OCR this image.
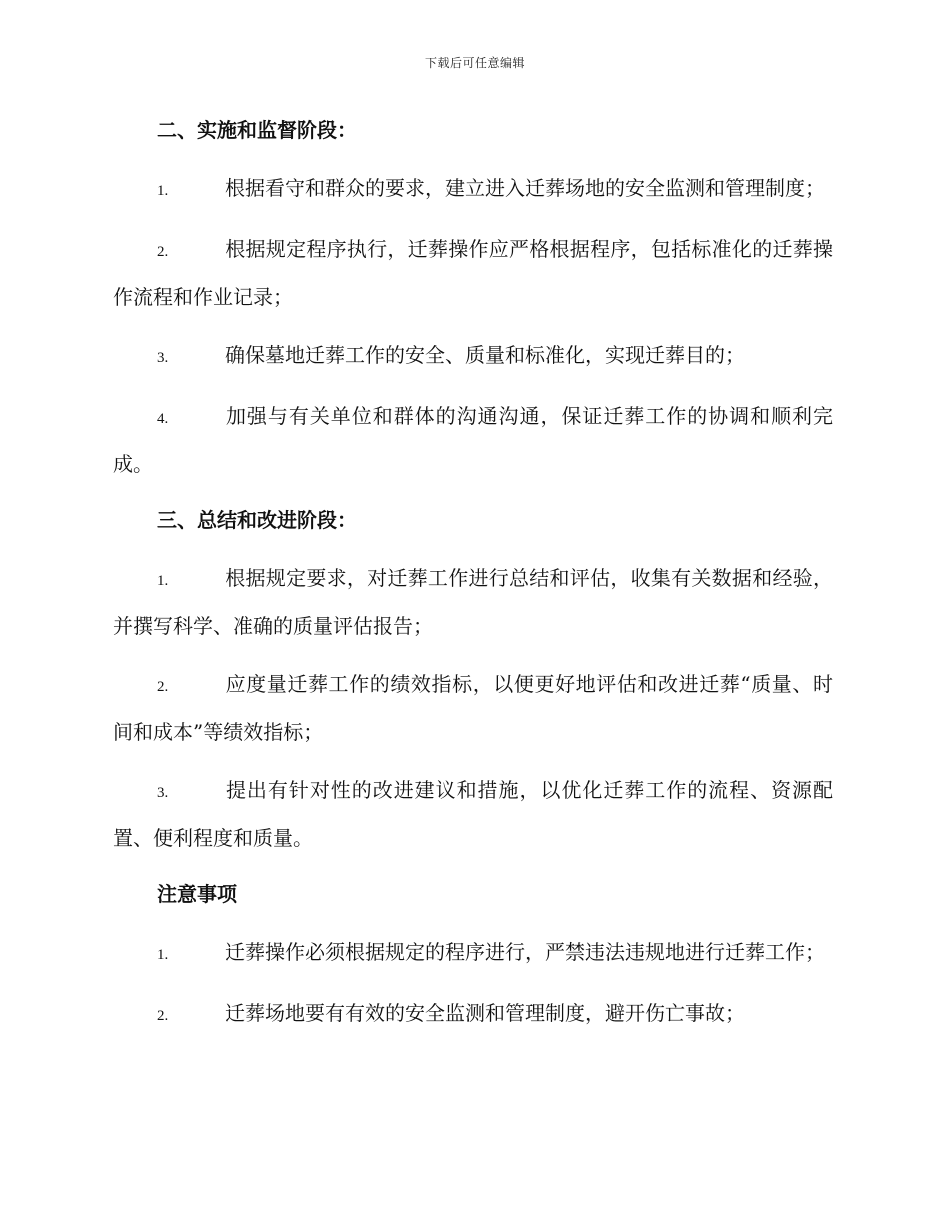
下载后可任意编辑
二、实施和监督阶段：

1.	根据看守和群众的要求，建立进入迁葬场地的安全监测和管理制度；

2.	根据规定程序执行，迁葬操作应严格根据程序，包括标准化的迁葬操作流程和作业记录；

3.	确保墓地迁葬工作的安全、质量和标准化，实现迁葬目的；

4.	加强与有关单位和群体的沟通沟通，保证迁葬工作的协调和顺利完成。

三、总结和改进阶段：

1.	根据规定要求，对迁葬工作进行总结和评估，收集有关数据和经验，并撰写科学、准确的质量评估报告；

2.	应度量迁葬工作的绩效指标，以便更好地评估和改进迁葬“质量、时间和成本”等绩效指标；

3.	提出有针对性的改进建议和措施，以优化迁葬工作的流程、资源配置、便利程度和质量。

注意事项

1.	迁葬操作必须根据规定的程序进行，严禁违法违规地进行迁葬工作；

2.	迁葬场地要有有效的安全监测和管理制度，避开伤亡事故；
